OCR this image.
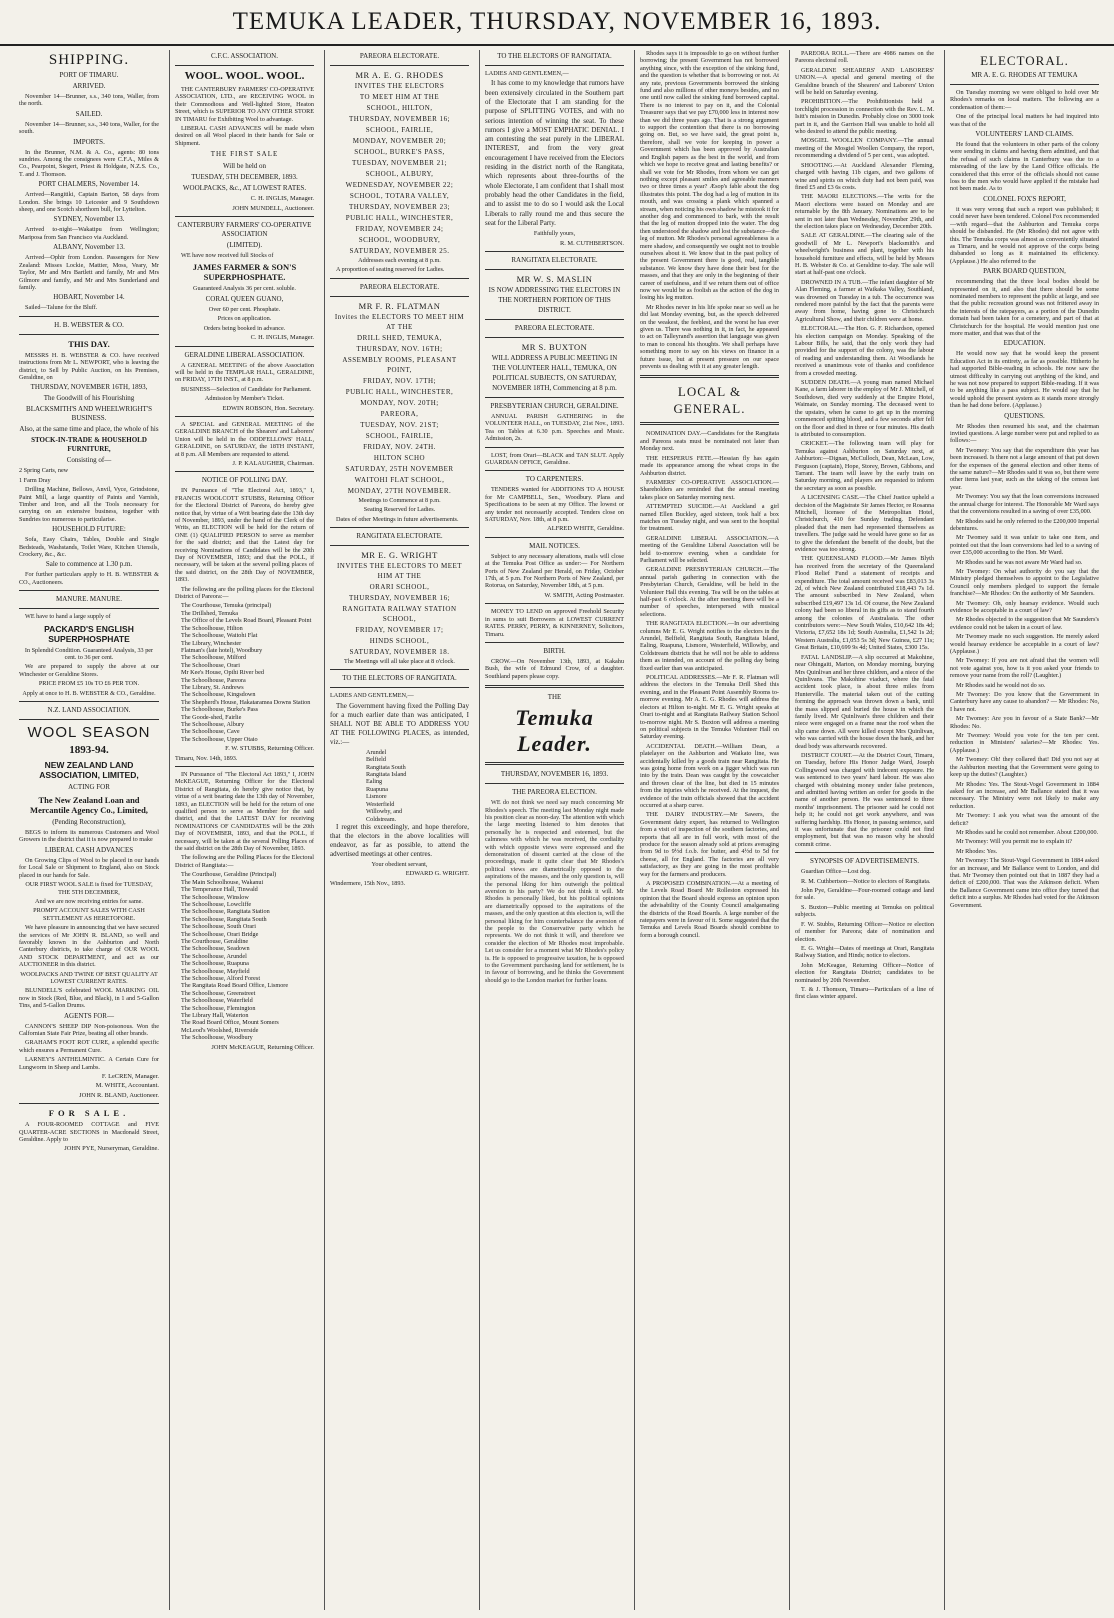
TEMUKA LEADER, THURSDAY, NOVEMBER 16, 1893.
SHIPPING.
PORT OF TIMARU.
ARRIVED.

November 14—Brunner, s.s., 340 tons, Waller, from the north.

SAILED.

November 14—Brunner, s.s., 340 tons, Waller, for the south.

IMPORTS.

In the Brunner, N.M. & A. Co., agents: 80 tons sundries. Among the consignees were C.F.A., Miles & Co., Pearpoint, Siegert, Priest & Holdgate, N.Z.S. Co., T. and J. Thomson.

PORT CHALMERS, November 14.

Arrived—Rangitiki, Captain Barton, 58 days from London. She brings 10 Leicester and 9 Southdown sheep, and one Scotch shorthorn bull, for Lyttelton.

SYDNEY, November 13.

Arrived to-night—Wakatipu from Wellington; Mariposa from San Francisco via Auckland.

ALBANY, November 13.

Arrived—Ophir from London. Passengers for New Zealand: Misses Lockie, Mattier, Moss, Veary, Mr Taylor, Mr and Mrs Bartlett and family, Mr and Mrs Gilmore and family, and Mr and Mrs Sunderland and family.

HOBART, November 14.

Sailed—Talune for the Bluff.

H. B. WEBSTER & CO.
THIS DAY.

MESSRS H. B. WEBSTER & CO. have received instructions from Mr L. NEWPORT, who is leaving the district, to Sell by Public Auction, on his Premises, Geraldine, on

THURSDAY, NOVEMBER 16TH, 1893,
The Goodwill of his Flourishing
BLACKSMITH'S AND WHEELWRIGHT'S BUSINESS.
Also, at the same time and place, the whole of his
STOCK-IN-TRADE & HOUSEHOLD FURNITURE,
Consisting of—

2 Spring Carts, new

1 Farm Dray

Drilling Machine, Bellows, Anvil, Vyce, Grindstone, Paint Mill, a large quantity of Paints and Varnish, Timber and Iron, and all the Tools necessary for carrying on an extensive business, together with Sundries too numerous to particularise.

HOUSEHOLD FUTURE:

Sofa, Easy Chairs, Tables, Double and Single Bedsteads, Washstands, Toilet Ware, Kitchen Utensils, Crockery, &c., &c.

Sale to commence at 1.30 p.m.

For further particulars apply to H. B. WEBSTER & CO., Auctioneers.

MANURE. MANURE.

WE have to hand a large supply of

PACKARD'S ENGLISH SUPERPHOSPHATE

In Splendid Condition. Guaranteed Analysis, 33 per cent. to 36 per cent.

We are prepared to supply the above at our Winchester or Geraldine Stores.

PRICE FROM £5 10s TO £6 PER TON.

Apply at once to H. B. WEBSTER & CO., Geraldine.

N.Z. LAND ASSOCIATION.
WOOL SEASON
1893-94.
NEW ZEALAND LAND ASSOCIATION, LIMITED,
ACTING FOR
The New Zealand Loan and Mercantile Agency Co., Limited,
(Pending Reconstruction),

BEGS to inform its numerous Customers and Wool Growers in the district that it is now prepared to make

LIBERAL CASH ADVANCES

On Growing Clips of Wool to be placed in our hands for Local Sale or Shipment to England, also on Stock placed in our hands for Sale.

OUR FIRST WOOL SALE is fixed for TUESDAY, THE 5TH DECEMBER,

And we are now receiving entries for same.

PROMPT ACCOUNT SALES WITH CASH SETTLEMENT AS HERETOFORE.

We have pleasure in announcing that we have secured the services of Mr JOHN R. BLAND, so well and favorably known in the Ashburton and North Canterbury districts, to take charge of OUR WOOL AND STOCK DEPARTMENT, and act as our AUCTIONEER in this district.

WOOLPACKS AND TWINE OF BEST QUALITY AT LOWEST CURRENT RATES.

BLUNDELL'S celebrated WOOL MARKING OIL now in Stock (Red, Blue, and Black), in 1 and 5-Gallon Tins, and 5-Gallon Drums.

AGENTS FOR—

CANNON'S SHEEP DIP Non-poisonous. Won the Calfornian State Fair Prize, beating all other brands.

GRAHAM'S FOOT ROT CURE, a splendid specific which ensures a Permanent Cure.

LARNEY'S ANTHELMINTIC. A Certain Cure for Lungworm in Sheep and Lambs.

F. LeCREN, Manager.
M. WHITE, Accountant.
JOHN R. BLAND, Auctioneer.
FOR SALE.

A FOUR-ROOMED COTTAGE and FIVE QUARTER-ACRE SECTIONS in Macdonald Street, Geraldine. Apply to

JOHN PYE, Nurseryman, Geraldine.
C.F.C. ASSOCIATION.
WOOL. WOOL. WOOL.

THE CANTERBURY FARMERS' CO-OPERATIVE ASSOCIATION, LTD., are RECEIVING WOOL in their Commodious and Well-lighted Store, Heaton Street, which is SUPERIOR TO ANY OTHER STORE IN TIMARU for Exhibiting Wool to advantage.

LIBERAL CASH ADVANCES will be made when desired on all Wool placed in their hands for Sale or Shipment.

THE FIRST SALE
Will be held on
TUESDAY, 5TH DECEMBER, 1893.
WOOLPACKS, &c., AT LOWEST RATES.
C. H. INGLIS, Manager.
JOHN MUNDELL, Auctioneer.
CANTERBURY FARMERS' CO-OPERATIVE ASSOCIATION
(LIMITED).

WE have now received full Stocks of

JAMES FARMER & SON'S SUPERPHOSPHATE.

Guaranteed Analysis 36 per cent. soluble.

CORAL QUEEN GUANO,

Over 60 per cent. Phosphate.

Prices on application.

Orders being booked in advance.

C. H. INGLIS, Manager.
GERALDINE LIBERAL ASSOCIATION.

A GENERAL MEETING of the above Association will be held in the TEMPLAR HALL, GERALDINE, on FRIDAY, 17TH INST., at 8 p.m.

BUSINESS—Selection of Candidate for Parliament.

Admission by Member's Ticket.

EDWIN ROBSON, Hon. Secretary.

A SPECIAL and GENERAL MEETING of the GERALDINE BRANCH of the Shearers' and Laborers' Union will be held in the ODDFELLOWS' HALL, GERALDINE, on SATURDAY, the 18TH INSTANT, at 8 p.m. All Members are requested to attend.

J. P. KALAUGHER, Chairman.
NOTICE OF POLLING DAY.

IN Pursuance of "The Electoral Act, 1893," I, FRANCIS WOOLCOTT STUBBS, Returning Officer for the Electoral District of Pareora, do hereby give notice that, by virtue of a Writ bearing date the 13th day of November, 1893, under the hand of the Clerk of the Writs, an ELECTION will be held for the return of ONE (1) QUALIFIED PERSON to serve as member for the said district; and that the Latest day for receiving Nominations of Candidates will be the 20th Day of NOVEMBER, 1893; and that the POLL, if necessary, will be taken at the several polling places of the said district, on the 28th Day of NOVEMBER, 1893.

The following are the polling places for the Electoral District of Pareora:—

The Courthouse, Temuka (principal)

The Drillshed, Temuka

The Office of the Levels Road Board, Pleasant Point

The Schoolhouse, Hilton

The Schoolhouse, Waitohi Flat

The Library, Winchester

Flatman's (late hotel), Woodbury

The Schoolhouse, Milford

The Schoolhouse, Orari

Mr Kee's House, Opihi River bed

The Schoolhouse, Pareora

The Library, St. Andrews

The Schoolhouse, Kingsdown

The Shepherd's House, Hakataramea Downs Station

The Schoolhouse, Burke's Pass

The Goode-shed, Fairlie

The Schoolhouse, Albury

The Schoolhouse, Cave

The Schoolhouse, Upper Otaio

F. W. STUBBS, Returning Officer.

Timaru, Nov. 14th, 1893.

IN Pursuance of "The Electoral Act 1893," I, JOHN McKEAGUE, Returning Officer for the Electoral District of Rangitata, do hereby give notice that, by virtue of a writ bearing date the 13th day of November, 1893, an ELECTION will be held for the return of one qualified person to serve as Member for the said district, and that the LATEST DAY for receiving NOMINATIONS OF CANDIDATES will be the 20th Day of NOVEMBER, 1893, and that the POLL, if necessary, will be taken at the several Polling Places of the said district on the 28th Day of November, 1893.

The following are the Polling Places for the Electoral District of Rangitata:—

The Courthouse, Geraldine (Principal)

The Main Schoolhouse, Wakanui

The Temperance Hall, Tinwald

The Schoolhouse, Winslow

The Schoolhouse, Lowcliffe

The Schoolhouse, Rangitata Station

The Schoolhouse, Rangitata South

The Schoolhouse, South Orari

The Schoolhouse, Orari Bridge

The Courthouse, Geraldine

The Schoolhouse, Seadown

The Schoolhouse, Arundel

The Schoolhouse, Ruapuna

The Schoolhouse, Mayfield

The Schoolhouse, Alford Forest

The Rangitata Road Board Office, Lismore

The Schoolhouse, Greenstreet

The Schoolhouse, Waterfield

The Schoolhouse, Flemington

The Library Hall, Waterton

The Road Board Office, Mount Somers

McLeod's Woolshed, Riverside

The Schoolhouse, Woodbury

JOHN McKEAGUE, Returning Officer.
PAREORA ELECTORATE.
MR A. E. G. RHODES
INVITES THE ELECTORS
TO MEET HIM AT THE
SCHOOL, HILTON,
THURSDAY, NOVEMBER 16;
SCHOOL, FAIRLIE,
MONDAY, NOVEMBER 20;
SCHOOL, BURKE'S PASS,
TUESDAY, NOVEMBER 21;
SCHOOL, ALBURY,
WEDNESDAY, NOVEMBER 22;
SCHOOL, TOTARA VALLEY,
THURSDAY, NOVEMBER 23;
PUBLIC HALL, WINCHESTER,
FRIDAY, NOVEMBER 24;
SCHOOL, WOODBURY,
SATURDAY, NOVEMBER 25.

Addresses each evening at 8 p.m.

A proportion of seating reserved for Ladies.

PAREORA ELECTORATE.
MR F. R. FLATMAN
Invites the ELECTORS TO MEET HIM AT THE
DRILL SHED, TEMUKA,
THURSDAY, NOV. 16TH;
ASSEMBLY ROOMS, PLEASANT POINT,
FRIDAY, NOV. 17TH;
PUBLIC HALL, WINCHESTER,
MONDAY, NOV. 20TH;
PAREORA,
TUESDAY, NOV. 21ST;
SCHOOL, FAIRLIE,
FRIDAY, NOV. 24TH.
HILTON SCHO
SATURDAY, 25TH NOVEMBER
WAITOHI FLAT SCHOOL,
MONDAY, 27TH NOVEMBER.

Meetings to Commence at 8 p.m.

Seating Reserved for Ladies.

Dates of other Meetings in future advertisements.

RANGITATA ELECTORATE.
MR E. G. WRIGHT
INVITES THE ELECTORS TO MEET HIM AT THE
ORARI SCHOOL,
THURSDAY, NOVEMBER 16;
RANGITATA RAILWAY STATION SCHOOL,
FRIDAY, NOVEMBER 17;
HINDS SCHOOL,
SATURDAY, NOVEMBER 18.

The Meetings will all take place at 8 o'clock.

TO THE ELECTORS OF RANGITATA.

LADIES AND GENTLEMEN,—

The Government having fixed the Polling Day for a much earlier date than was anticipated, I SHALL NOT BE ABLE TO ADDRESS YOU AT THE FOLLOWING PLACES, as intended, viz.:—

Arundel

Belfield

Rangitata South

Rangitata Island

Ealing

Ruapuna

Lismore

Westerfield

Willowby, and

Coldstream.

I regret this exceedingly, and hope therefore, that the electors in the above localities will endeavor, as far as possible, to attend the advertised meetings at other centres.

Your obedient servant,

EDWARD G. WRIGHT.

Windermere, 15th Nov., 1893.

TO THE ELECTORS OF RANGITATA.

LADIES AND GENTLEMEN,—

It has come to my knowledge that rumors have been extensively circulated in the Southern part of the Electorate that I am standing for the purpose of SPLITTING VOTES, and with no serious intention of winning the seat. To these rumors I give a MOST EMPHATIC DENIAL. I am contesting the seat purely in the LIBERAL INTEREST, and from the very great encouragement I have received from the Electors residing in the district north of the Rangitata, which represents about three-fourths of the whole Electorate, I am confident that I shall most probably head the other Candidates in the field, and to assist me to do so I would ask the Local Liberals to rally round me and thus secure the seat for the Liberal Party.

Faithfully yours,

R. M. CUTHBERTSON.
RANGITATA ELECTORATE.
MR W. S. MASLIN

IS NOW ADDRESSING THE ELECTORS IN THE NORTHERN PORTION OF THIS DISTRICT.

PAREORA ELECTORATE.
MR S. BUXTON

WILL ADDRESS A PUBLIC MEETING IN THE VOLUNTEER HALL, TEMUKA, ON POLITICAL SUBJECTS, ON SATURDAY, NOVEMBER 18TH, Commencing at 8 p.m.

PRESBYTERIAN CHURCH, GERALDINE.

ANNUAL PARISH GATHERING in the VOLUNTEER HALL, on TUESDAY, 21st Nov., 1893. Tea on Tables at 6.30 p.m. Speeches and Music. Admission, 2s.

LOST, from Orari—BLACK and TAN SLUT. Apply GUARDIAN OFFICE, Geraldine.

TO CARPENTERS.

TENDERS wanted for ADDITIONS TO A HOUSE for Mr CAMPBELL, Sen., Woodbury. Plans and Specifications to be seen at my Office. The lowest or any tender not necessarily accepted. Tenders close on SATURDAY, Nov. 18th, at 8 p.m.

ALFRED WHITE, Geraldine.
MAIL NOTICES.

Subject to any necessary alterations, mails will close at the Temuka Post Office as under:— For Northern Ports of New Zealand per Herald, on Friday, October 17th, at 5 p.m. For Northern Ports of New Zealand, per Rotorua, on Saturday, November 18th, at 5 p.m.

W. SMITH, Acting Postmaster.

MONEY TO LEND on approved Freehold Security in sums to suit Borrowers at LOWEST CURRENT RATES. PERRY, PERRY, & KINNERNEY, Solicitors, Timaru.

BIRTH.

CROW.—On November 13th, 1893, at Kakahu Bush, the wife of Edmund Crow, of a daughter. Southland papers please copy.

THE
Temuka Leader.
THURSDAY, NOVEMBER 16, 1893.
THE PAREORA ELECTION.

WE do not think we need say much concerning Mr Rhodes's speech. The meeting last Monday night made his position clear as noon-day. The attention with which the large meeting listened to him denotes that personally he is respected and esteemed, but the calmness with which he was received, the cordiality with which opposite views were expressed and the demonstration of dissent carried at the close of the proceedings, made it quite clear that Mr Rhodes's political views are diametrically opposed to the aspirations of the masses, and the only question is, will the personal liking for him outweigh the political aversion to his party? We do not think it will. Mr Rhodes is personally liked, but his political opinions are diametrically opposed to the aspirations of the masses, and the only question at this election is, will the personal liking for him counterbalance the aversion of the people to the Conservative party which he represents. We do not think it will, and therefore we consider the election of Mr Rhodes most improbable. Let us consider for a moment what Mr Rhodes's policy is. He is opposed to progressive taxation, he is opposed to the Government purchasing land for settlement, he is in favour of borrowing, and he thinks the Government should go to the London market for further loans.

Rhodes says it is impossible to go on without further borrowing; the present Government has not borrowed anything since, with the exception of the sinking fund, and the question is whether that is borrowing or not. At any rate, previous Governments borrowed the sinking fund and also millions of other moneys besides, and no one until now called the sinking fund borrowed capital. There is no interest to pay on it, and the Colonial Treasurer says that we pay £70,000 less in interest now than we did three years ago. That is a strong argument to support the contention that there is no borrowing going on. But, so we have said, the great point is, therefore, shall we vote for keeping in power a Government which has been approved by Australian and English papers as the best in the world, and from which we hope to receive great and lasting benefits? or shall we vote for Mr Rhodes, from whom we can get nothing except pleasant smiles and agreeable manners two or three times a year? Æsop's fable about the dog illustrates this point. The dog had a leg of mutton in its mouth, and was crossing a plank which spanned a stream, when noticing his own shadow he mistook it for another dog and commenced to bark, with the result that the leg of mutton dropped into the water. The dog then understood the shadow and lost the substance—the leg of mutton. Mr Rhodes's personal agreeableness is a mere shadow, and consequently we ought not to trouble ourselves about it. We know that in the past policy of the present Government there is good, real, tangible substance. We know they have done their best for the masses, and that they are only in the beginning of their career of usefulness, and if we return them out of office now we would be as foolish as the action of the dog in losing his leg mutton.

Mr Rhodes never in his life spoke near so well as he did last Monday evening, but, as the speech delivered on the weakest, the feeblest, and the worst he has ever given us. There was nothing in it, in fact, he appeared to act on Talleyrand's assertion that language was given to man to conceal his thoughts. We shall perhaps have something more to say on his views on finance in a future issue, but at present pressure on our space prevents us dealing with it at any greater length.

LOCAL & GENERAL.

NOMINATION DAY.—Candidates for the Rangitata and Pareora seats must be nominated not later than Monday next.

THE HESPERUS FETE.—Hessian fly has again made its appearance among the wheat crops in the Ashburton district.

FARMERS' CO-OPERATIVE ASSOCIATION.—Shareholders are reminded that the annual meeting takes place on Saturday morning next.

ATTEMPTED SUICIDE.—At Auckland a girl named Ellen Buckley, aged sixteen, took half a box matches on Tuesday night, and was sent to the hospital for treatment.

GERALDINE LIBERAL ASSOCIATION.—A meeting of the Geraldine Liberal Association will be held to-morrow evening, when a candidate for Parliament will be selected.

GERALDINE PRESBYTERIAN CHURCH.—The annual parish gathering in connection with the Presbyterian Church, Geraldine, will be held in the Volunteer Hall this evening. Tea will be on the tables at half-past 6 o'clock. At the after meeting there will be a number of speeches, interspersed with musical selections.

THE RANGITATA ELECTION.—In our advertising columns Mr E. G. Wright notifies to the electors in the Arundel, Belfield, Rangitata South, Rangitata Island, Ealing, Ruapuna, Lismore, Westerfield, Willowby, and Coldstream districts that he will not be able to address them as intended, on account of the polling day being fixed earlier than was anticipated.

POLITICAL ADDRESSES.—Mr F. R. Flatman will address the electors in the Temuka Drill Shed this evening, and in the Pleasant Point Assembly Rooms to-morrow evening. Mr A. E. G. Rhodes will address the electors at Hilton to-night. Mr E. G. Wright speaks at Orari to-night and at Rangitata Railway Station School to-morrow night. Mr S. Buxton will address a meeting on political subjects in the Temuka Volunteer Hall on Saturday evening.

ACCIDENTAL DEATH.—William Dean, a platelayer on the Ashburton and Waikato line, was accidentally killed by a goods train near Rangitata. He was going home from work on a jigger which was run into by the train. Dean was caught by the cowcatcher and thrown clear of the line, but died in 15 minutes from the injuries which he received. At the inquest, the evidence of the train officials showed that the accident occurred at a sharp curve.

THE DAIRY INDUSTRY.—Mr Sawers, the Government dairy expert, has returned to Wellington from a visit of inspection of the southern factories, and reports that all are in full work, with most of the produce for the season already sold at prices averaging from 9d to 9½d f.o.b. for butter, and 4½d to 5d for cheese, all for England. The factories are all very satisfactory, as they are going in the most profitable way for the farmers and producers.

A PROPOSED COMBINATION.—At a meeting of the Levels Road Board Mr Rolleston expressed his opinion that the Board should express an opinion upon the advisability of the County Council amalgamating the districts of the Road Boards. A large number of the ratepayers were in favour of it. Some suggested that the Temuka and Levels Road Boards should combine to form a borough council.

PAREORA ROLL.—There are 4986 names on the Pareora electoral roll.

GERALDINE SHEARERS' AND LABORERS' UNION.—A special and general meeting of the Geraldine branch of the Shearers' and Laborers' Union will be held on Saturday evening.

PROHIBITION.—The Prohibitionists held a torchlight procession in connection with the Rev. L. M. Isitt's mission in Dunedin. Probably close on 3000 took part in it, and the Garrison Hall was unable to hold all who desired to attend the public meeting.

MOSGIEL WOOLLEN COMPANY.—The annual meeting of the Mosgiel Woollen Company, the report, recommending a dividend of 5 per cent., was adopted.

SHOOTING.—At Auckland Alexander Fleming, charged with having 11b cigars, and two gallons of wine and spirits on which duty had not been paid, was fined £5 and £3 6s costs.

THE MAORI ELECTIONS.—The writs for the Maori elections were issued on Monday and are returnable by the 8th January. Nominations are to be sent in not later than Wednesday, November 29th, and the election takes place on Wednesday, December 20th.

SALE AT GERALDINE.—The clearing sale of the goodwill of Mr L. Newport's blacksmith's and wheelwright's business and plant, together with his household furniture and effects, will be held by Messrs H. B. Webster & Co. at Geraldine to-day. The sale will start at half-past one o'clock.

DROWNED IN A TUB.—The infant daughter of Mr Alan Fleming, a farmer at Waikaka Valley, Southland, was drowned on Tuesday in a tub. The occurrence was rendered more painful by the fact that the parents were away from home, having gone to Christchurch Agricultural Show, and their children were at home.

ELECTORAL.—The Hon. G. F. Richardson, opened his election campaign on Monday. Speaking of the Labour Bills, he said, that the only work they had provided for the support of the colony, was the labour of reading and understanding them. At Woodlands he received a unanimous vote of thanks and confidence from a crowded meeting.

SUDDEN DEATH.—A young man named Michael Kane, a farm laborer in the employ of Mr J. Mitchell, of Southdown, died very suddenly at the Empire Hotel, Waimate, on Sunday morning. The deceased went to the upstairs, when he came to get up in the morning commenced spitting blood, and a few seconds after fell on the floor and died in three or four minutes. His death is attributed to consumption.

CRICKET.—The following team will play for Temuka against Ashburton on Saturday next, at Ashburton:—Dignan, McCulloch, Dean, McLean, Low, Ferguson (captain), Hope, Storey, Brown, Gibbons, and Tarrant. The team will leave by the early train on Saturday morning, and players are requested to inform the secretary as soon as possible.

A LICENSING CASE.—The Chief Justice upheld a decision of the Magistrate Sir James Hector, re Rosanna Mitchell, licensee of the Metropolitan Hotel, Christchurch, 410 for Sunday trading. Defendant pleaded that the men had represented themselves as travellers. The judge said he would have gone so far as to give the defendant the benefit of the doubt, but the evidence was too strong.

THE QUEENSLAND FLOOD.—Mr James Blyth has received from the secretary of the Queensland Flood Relief Fund a statement of receipts and expenditure. The total amount received was £83,013 3s 2d, of which New Zealand contributed £18,443 7s 1d. The amount subscribed in New Zealand, when subscribed £19,497 13s 1d. Of course, the New Zealand colony had been so liberal in its gifts as to stand fourth among the colonies of Australasia. The other contributors were:—New South Wales, £10,642 18s 4d; Victoria, £7,652 18s 1d; South Australia, £1,542 1s 2d; Western Australia, £1,053 5s 3d; New Guinea, £27 11s; Great Britain, £10,699 9s 4d; United States, £300 15s.

FATAL LANDSLIP.—A slip occurred at Makohine, near Ohingaiti, Marton, on Monday morning, burying Mrs Quinlivan and her three children, and a niece of the Quinlivans. The Makohine viaduct, where the fatal accident took place, is about three miles from Hunterville. The material taken out of the cutting forming the approach was thrown down a bank, until the mass slipped and buried the house in which the family lived. Mr Quinlivan's three children and their niece were engaged on a frame near the roof when the slip came down. All were killed except Mrs Quinlivan, who was carried with the house down the bank, and her dead body was afterwards recovered.

DISTRICT COURT.—At the District Court, Timaru, on Tuesday, before His Honor Judge Ward, Joseph Collingwood was charged with indecent exposure. He was sentenced to two years' hard labour. He was also charged with obtaining money under false pretences, and admitted having written an order for goods in the name of another person. He was sentenced to three months' imprisonment. The prisoner said he could not help it; he could not get work anywhere, and was suffering hardship. His Honor, in passing sentence, said it was unfortunate that the prisoner could not find employment, but that was no reason why he should commit crime.

SYNOPSIS OF ADVERTISEMENTS.

Guardian Office—Lost dog.

R. M. Cuthbertson—Notice to electors of Rangitata.

John Pye, Geraldine—Four-roomed cottage and land for sale.

S. Buxton—Public meeting at Temuka on political subjects.

F. W. Stubbs, Returning Officer—Notice re election of member for Pareora; date of nomination and election.

E. G. Wright—Dates of meetings at Orari, Rangitata Railway Station, and Hinds; notice to electors.

John McKeague, Returning Officer—Notice of election for Rangitata District; candidates to be nominated by 20th November.

T. & J. Thomson, Timaru—Particulars of a line of first class winter apparel.

ELECTORAL.
MR A. E. G. RHODES AT TEMUKA

On Tuesday morning we were obliged to hold over Mr Rhodes's remarks on local matters. The following are a condensation of them:—

One of the principal local matters he had inquired into was that of the

VOLUNTEERS' LAND CLAIMS.

He found that the volunteers in other parts of the colony were sending in claims and having them admitted, and that the refusal of such claims in Canterbury was due to a misreading of the law by the Land Office officials. He considered that this error of the officials should not cause loss to the men who would have applied if the mistake had not been made. As to

COLONEL FOX'S REPORT,

it was very wrong that such a report was published; it could never have been tendered. Colonel Fox recommended—with regard—that the Ashburton and Temuka corps should be disbanded. He (Mr Rhodes) did not agree with this. The Temuka corps was almost as conveniently situated as Timaru, and he would not approve of the corps being disbanded so long as it maintained its efficiency. (Applause.) He also referred to the

PARK BOARD QUESTION,

recommending that the three local bodies should be represented on it, and also that there should be some nominated members to represent the public at large, and see that the public recreation ground was not frittered away in the interests of the ratepayers, as a portion of the Dunedin domain had been taken for a cemetery, and part of that at Christchurch for the hospital. He would mention just one more matter, and that was that of the

EDUCATION.

He would now say that he would keep the present Education Act in its entirety, as far as possible. Hitherto he had supported Bible-reading in schools. He now saw the utmost difficulty in carrying out anything of the kind, and he was not now prepared to support Bible-reading. If it was to be anything like a pass subject. He would say that he would uphold the present system as it stands more strongly than he had done before. (Applause.)

QUESTIONS.

Mr Rhodes then resumed his seat, and the chairman invited questions. A large number were put and replied to as follows:—

Mr Twomey: You say that the expenditure this year has been increased. Is there not a large amount of that put down for the expenses of the general election and other items of the same nature?—Mr Rhodes said it was so, but there were other items last year, such as the taking of the census last year.

Mr Twomey: You say that the loan conversions increased the annual charge for interest. The Honorable Mr Ward says that the conversions resulted in a saving of over £35,000.

Mr Rhodes said he only referred to the £200,000 Imperial debentures.

Mr Twomey said it was unfair to take one item, and pointed out that the loan conversions had led to a saving of over £35,000 according to the Hon. Mr Ward.

Mr Rhodes said he was not aware Mr Ward had so.

Mr Twomey: On what authority do you say that the Ministry pledged themselves to appoint to the Legislative Council only members pledged to support the female franchise?—Mr Rhodes: On the authority of Mr Saunders.

Mr Twomey: Oh, only hearsay evidence. Would such evidence be acceptable in a court of law?

Mr Rhodes objected to the suggestion that Mr Saunders's evidence could not be taken in a court of law.

Mr Twomey made no such suggestion. He merely asked would hearsay evidence be acceptable in a court of law? (Applause.)

Mr Twomey: If you are not afraid that the women will not vote against you, how is it you asked your friends to remove your name from the roll? (Laughter.)

Mr Rhodes said he would not do so.

Mr Twomey: Do you know that the Government in Canterbury have any cause to abandon? — Mr Rhodes: No, I have not.

Mr Twomey: Are you in favour of a State Bank?—Mr Rhodes: No.

Mr Twomey: Would you vote for the ten per cent. reduction in Ministers' salaries?—Mr Rhodes: Yes. (Applause.)

Mr Twomey: Oh! they collared that! Did you not say at the Ashburton meeting that the Government were going to keep up the duties? (Laughter.)

Mr Rhodes: Yes. The Stout-Vogel Government in 1884 asked for an increase, and Mr Ballance stated that it was necessary. The Ministry were not likely to make any reduction.

Mr Twomey: I ask you what was the amount of the deficit?

Mr Rhodes said he could not remember. About £200,000.

Mr Twomey: Will you permit me to explain it?

Mr Rhodes: Yes.

Mr Twomey: The Stout-Vogel Government in 1884 asked for an increase, and Mr Ballance went to London, and did that. Mr Twomey then pointed out that in 1887 they had a deficit of £200,000. That was the Atkinson deficit. When the Ballance Government came into office they turned that deficit into a surplus. Mr Rhodes had voted for the Atkinson Government.
